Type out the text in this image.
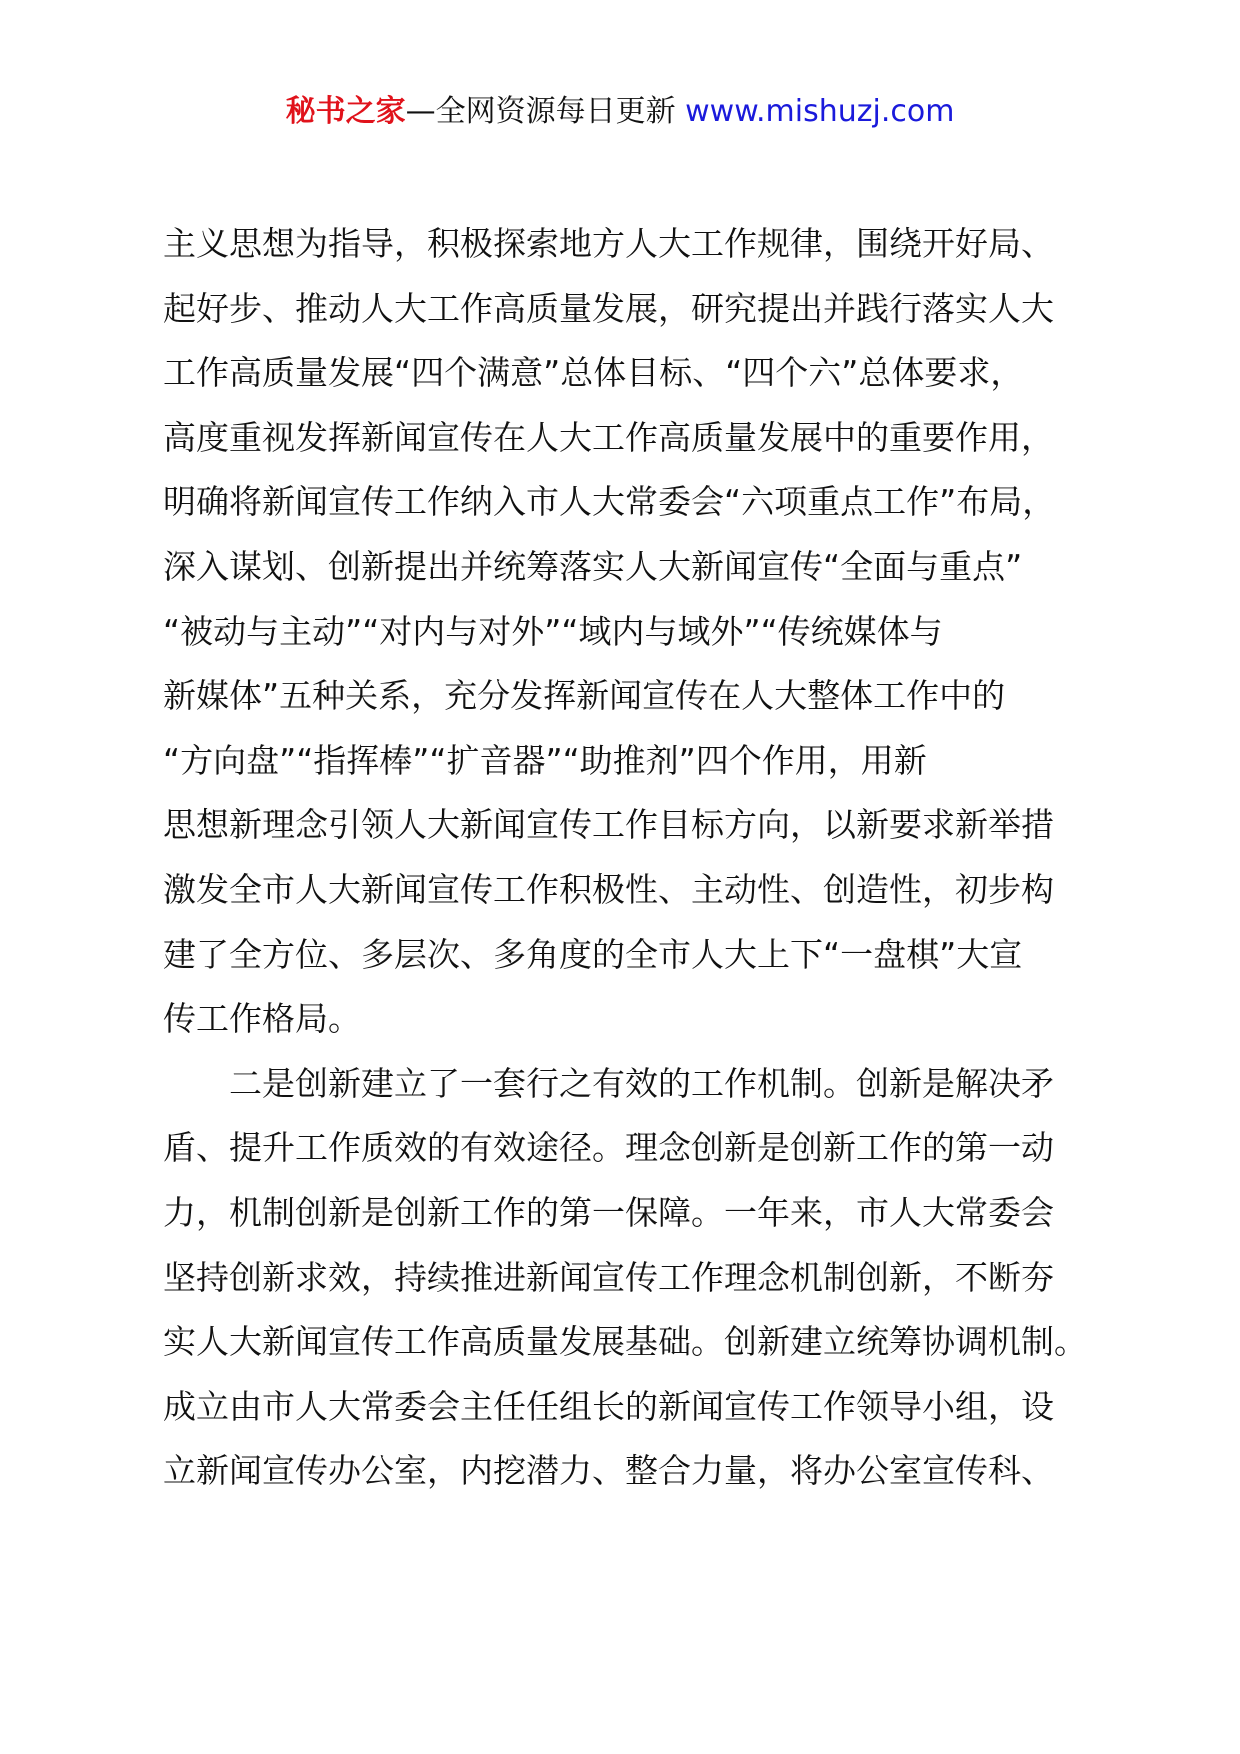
秘书之家—全网资源每日更新 www.mishuzj.com
主义思想为指导，积极探索地方人大工作规律，围绕开好局、
起好步、推动人大工作高质量发展，研究提出并践行落实人大
工作高质量发展“四个满意”总体目标、“四个六”总体要求，
高度重视发挥新闻宣传在人大工作高质量发展中的重要作用，
明确将新闻宣传工作纳入市人大常委会“六项重点工作”布局，
深入谋划、创新提出并统筹落实人大新闻宣传“全面与重点”
“被动与主动”“对内与对外”“域内与域外”“传统媒体与
新媒体”五种关系，充分发挥新闻宣传在人大整体工作中的
“方向盘”“指挥棒”“扩音器”“助推剂”四个作用，用新
思想新理念引领人大新闻宣传工作目标方向，以新要求新举措
激发全市人大新闻宣传工作积极性、主动性、创造性，初步构
建了全方位、多层次、多角度的全市人大上下“一盘棋”大宣
传工作格局。
二是创新建立了一套行之有效的工作机制。创新是解决矛
盾、提升工作质效的有效途径。理念创新是创新工作的第一动
力，机制创新是创新工作的第一保障。一年来，市人大常委会
坚持创新求效，持续推进新闻宣传工作理念机制创新，不断夯
实人大新闻宣传工作高质量发展基础。创新建立统筹协调机制。
成立由市人大常委会主任任组长的新闻宣传工作领导小组，设
立新闻宣传办公室，内挖潜力、整合力量，将办公室宣传科、
